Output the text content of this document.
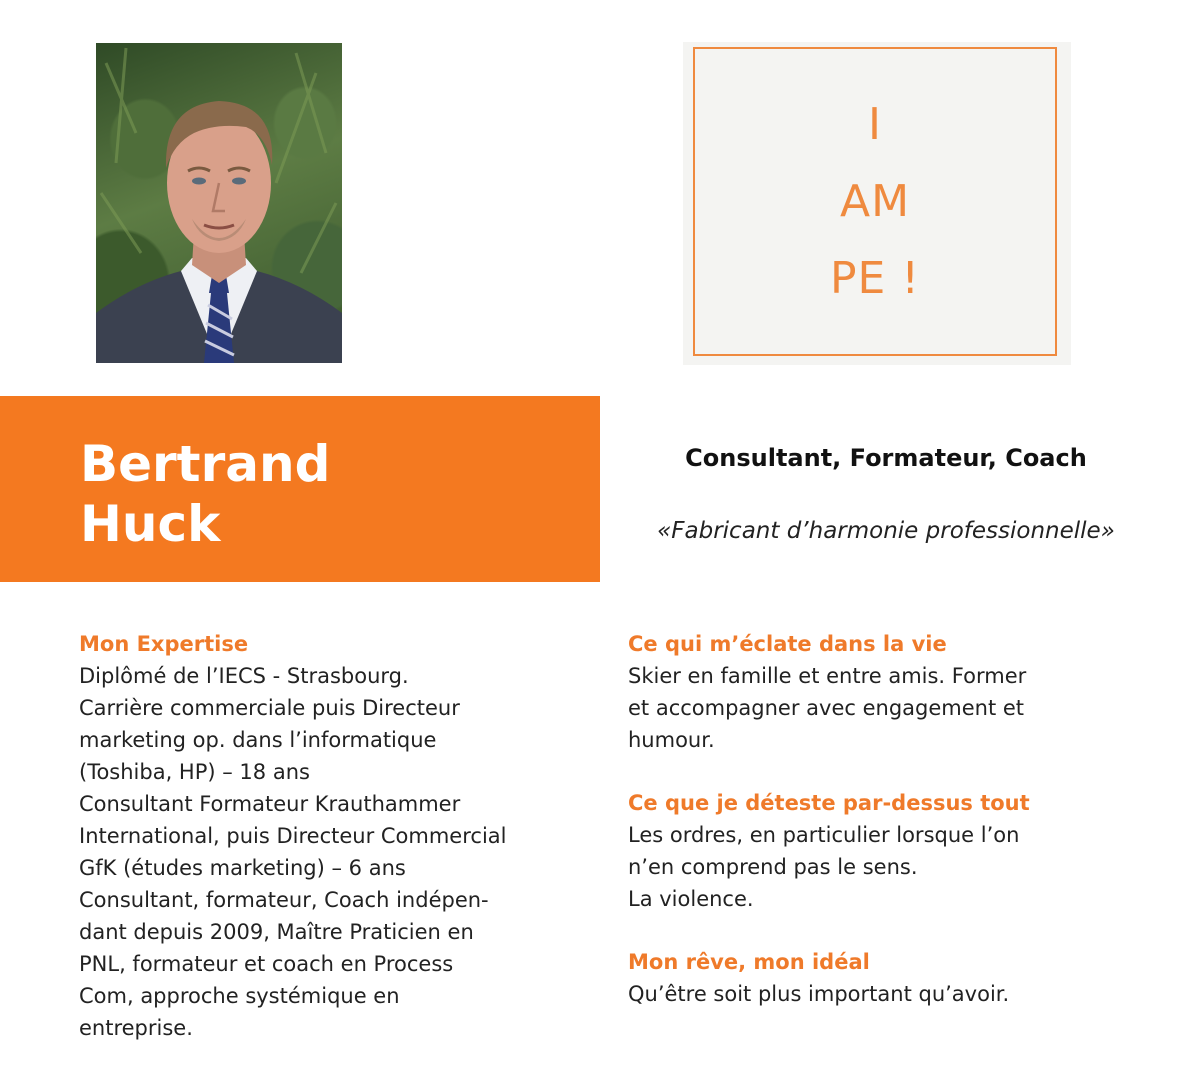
I
AM
PE !
Bertrand
Huck
Consultant, Formateur, Coach
«Fabricant d’harmonie professionnelle»
Mon Expertise

Diplômé de l’IECS - Strasbourg.
Carrière commerciale puis Directeur
marketing op. dans l’informatique
(Toshiba, HP) – 18 ans
Consultant Formateur Krauthammer
International, puis Directeur Commercial
GfK (études marketing) – 6 ans
Consultant, formateur, Coach indépen-
dant depuis 2009, Maître Praticien en
PNL, formateur et coach en Process
Com, approche systémique en
entreprise.

Ce qui m’éclate dans la vie

Skier en famille et entre amis. Former
et accompagner avec engagement et
humour.

Ce que je déteste par-dessus tout

Les ordres, en particulier lorsque l’on
n’en comprend pas le sens.
La violence.

Mon rêve, mon idéal

Qu’être soit plus important qu’avoir.
